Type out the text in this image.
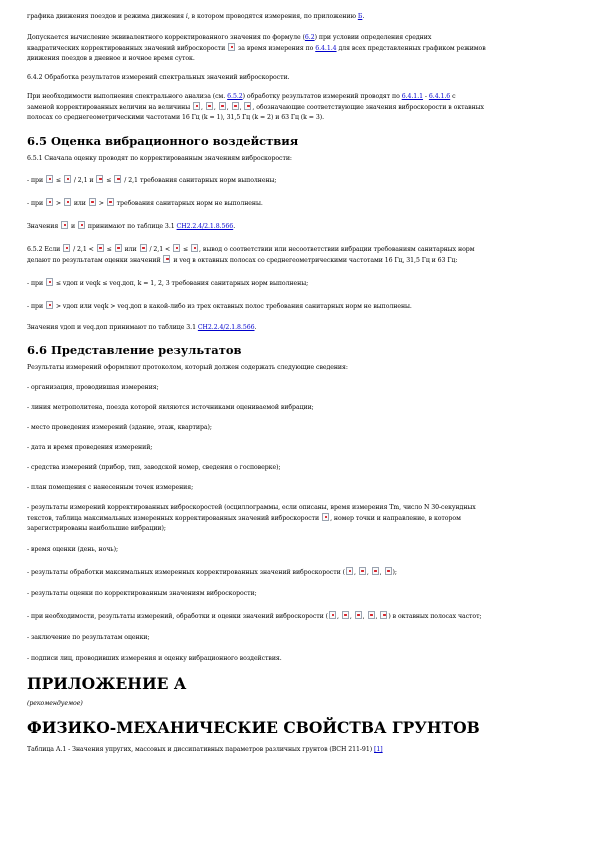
графика движения поездов и режима движения i, в котором проводятся измерения, по приложению Б.

Допускается вычисление эквивалентного корректированного значения по формуле (6.2) при условии определения средних
квадратических корректированных значений виброскорости  за время измерения по 6.4.1.4 для всех представленных графиком режимов
движения поездов в дневное и ночное время суток.

6.4.2 Обработка результатов измерений спектральных значений виброскорости.

При необходимости выполнения спектрального анализа (см. 6.5.2) обработку результатов измерений проводят по 6.4.1.1 - 6.4.1.6 с
заменой корректированных величин на величины , , , , , обозначающие соответствующие значения виброскорости в октавных
полосах со среднегеометрическими частотами 16 Гц (k = 1), 31,5 Гц (k = 2) и 63 Гц (k = 3).

6.5 Оценка вибрационного воздействия

6.5.1 Сначала оценку проводят по корректированным значениям виброскорости:

- при  ≤  / 2,1 и  ≤  / 2,1 требования санитарных норм выполнены;

- при  >  или  >  требования санитарных норм не выполнены.

Значения  и  принимают по таблице 3.1 СН2.2.4/2.1.8.566.

6.5.2 Если  / 2,1 <  ≤  или  / 2,1 <  ≤ , вывод о соответствии или несоответствии вибрации требованиям санитарных норм
делают по результатам оценки значений  и vеq в октавных полосах со среднегеометрическими частотами 16 Гц, 31,5 Гц и 63 Гц:

- при  ≤ vдоп и vеqk ≤ vеq.доп, k = 1, 2, 3 требования санитарных норм выполнены;

- при  > vдоп или vеqk > vеq.доп в какой-либо из трех октавных полос требования санитарных норм не выполнены.

Значения vдоп и vеq.доп принимают по таблице 3.1 СН2.2.4/2.1.8.566.

6.6 Представление результатов

Результаты измерений оформляют протоколом, который должен содержать следующие сведения:

- организация, проводившая измерения;

- линия метрополитена, поезда которой являются источниками оцениваемой вибрации;

- место проведения измерений (здание, этаж, квартира);

- дата и время проведения измерений;

- средства измерений (прибор, тип, заводской номер, сведения о госповерке);

- план помещения с нанесенным точек измерения;

- результаты измерений корректированных виброскоростей (осциллограммы, если описаны, время измерения Тm, число N 30-секундных
текстов, таблица максимальных измеренных корректированных значений виброскорости , номер точки и направление, в котором
зарегистрированы наибольшие вибрации);

- время оценки (день, ночь);

- результаты обработки максимальных измеренных корректированных значений виброскорости ( , , , );

- результаты оценки по корректированным значениям виброскорости;

- при необходимости, результаты измерений, обработки и оценки значений виброскорости ( , , , , ) в октавных полосах частот;

- заключение по результатам оценки;

- подписи лиц, проводивших измерения и оценку вибрационного воздействия.

ПРИЛОЖЕНИЕ А

(рекомендуемое)

ФИЗИКО-МЕХАНИЧЕСКИЕ СВОЙСТВА ГРУНТОВ

Таблица А.1 - Значения упругих, массовых и диссипативных параметров различных грунтов (ВСН 211-91) [1]
